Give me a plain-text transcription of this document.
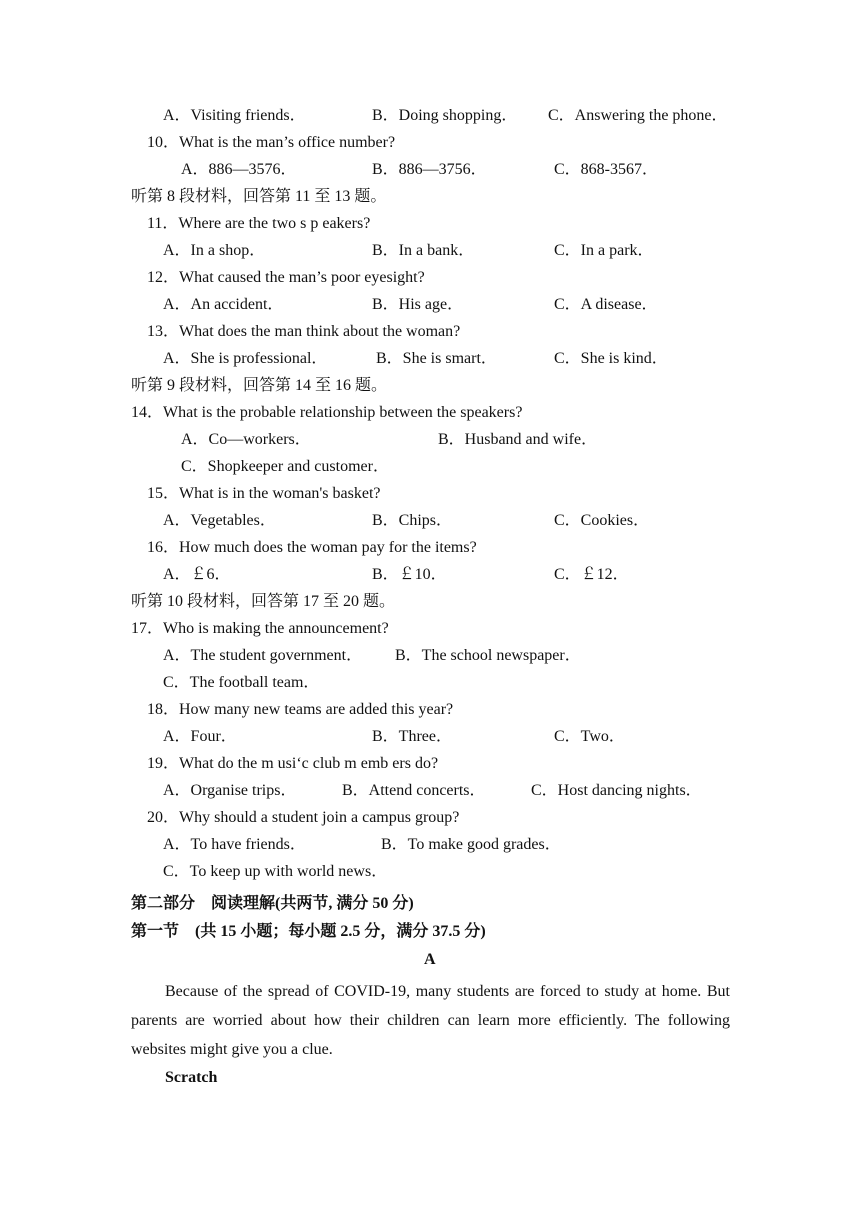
A．Visiting friends．	B．Doing shopping． C．Answering the phone．
10．What is the man’s office number?
A．886—3576．	B．886—3756．	C．868-3567．
听第 8 段材料，回答第 11 至 13 题。
11．Where are the two s p eakers?
A．In a shop．	B．In a bank．	C．In a park．
12．What caused the man’s poor eyesight?
A．An accident．	B．His age．	C．A disease．
13．What does the man think about the woman?
A．She is professional．	B．She is smart．	C．She is kind．
听第 9 段材料，回答第 14 至 16 题。
14．What is the probable relationship between the speakers?
A．Co—workers．	B．Husband and wife．
C．Shopkeeper and customer．
15．What is in the woman's basket?
A．Vegetables．	B．Chips．	C．Cookies．
16．How much does the woman pay for the items?
A．￡6．	B．￡10．	C．￡12．
听第 10 段材料，回答第 17 至 20 题。
17．Who is making the announcement?
A．The student government． B．The school newspaper．
C．The football team．
18．How many new teams are added this year?
A．Four．	B．Three．	C．Two．
19．What do the m usi‘c club m emb ers do?
A．Organise trips．	B．Attend concerts．	C．Host dancing nights．
20．Why should a student join a campus group?
A．To have friends．	B．To make good grades．
C．To keep up with world news．
第二部分　阅读理解(共两节, 满分 50 分)
第一节　(共 15 小题；每小题 2.5 分，满分 37.5 分)
A
Because of the spread of COVID-19, many students are forced to study at home. But parents are worried about how their children can learn more efficiently. The following websites might give you a clue.
Scratch
